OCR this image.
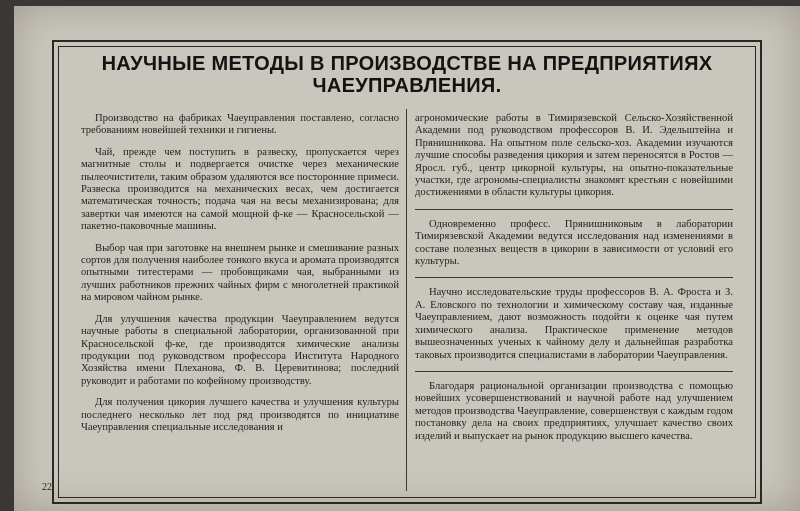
НАУЧНЫЕ МЕТОДЫ В ПРОИЗВОДСТВЕ НА ПРЕДПРИЯТИЯХ ЧАЕУПРАВЛЕНИЯ.

Производство на фабриках Чаеуправления поставлено, согласно требованиям новейшей техники и гигиены.

Чай, прежде чем поступить в развеску, пропускается через магнитные столы и подвергается очистке через механические пылеочистители, таким образом удаляются все посторонние примеси. Развеска производится на механических весах, чем достигается математическая точность; подача чая на весы механизирована; для завертки чая имеются на самой мощной ф-ке — Красносельской — пакетно-паковочные машины.

Выбор чая при заготовке на внешнем рынке и смешивание разных сортов для получения наиболее тонкого вкуса и аромата производятся опытными титестерами — пробовщиками чая, выбранными из лучших работников прежних чайных фирм с многолетней практикой на мировом чайном рынке.

Для улучшения качества продукции Чаеуправлением ведутся научные работы в специальной лаборатории, организованной при Красносельской ф-ке, где производятся химические анализы продукции под руководством профессора Института Народного Хозяйства имени Плеханова, Ф. В. Церевитинова; последний руководит и работами по кофейному производству.

Для получения цикория лучшего качества и улучшения культуры последнего несколько лет под ряд производятся по инициативе Чаеуправления специальные исследования и

агрономические работы в Тимирязевской Сельско-Хозяйственной Академии под руководством профессоров В. И. Эдельштейна и Прянишникова. На опытном поле сельско-хоз. Академии изучаются лучшие способы разведения цикория и затем переносятся в Ростов — Яросл. губ., центр цикорной культуры, на опытно-показательные участки, где агрономы-специалисты знакомят крестьян с новейшими достижениями в области культуры цикория.

Одновременно професс. Прянишниковым в лаборатории Тимирязевской Академии ведутся исследования над изменениями в составе полезных веществ в цикории в зависимости от условий его культуры.

Научно исследовательские труды профессоров В. А. Фроста и З. А. Еловского по технологии и химическому составу чая, изданные Чаеуправлением, дают возможность подойти к оценке чая путем химического анализа. Практическое применение методов вышеозначенных ученых к чайному делу и дальнейшая разработка таковых производится специалистами в лаборатории Чаеуправления.

Благодаря рациональной организации производства с помощью новейших усовершенствований и научной работе над улучшением методов производства Чаеуправление, совершенствуя с каждым годом постановку дела на своих предприятиях, улучшает качество своих изделий и выпускает на рынок продукцию высшего качества.

22
